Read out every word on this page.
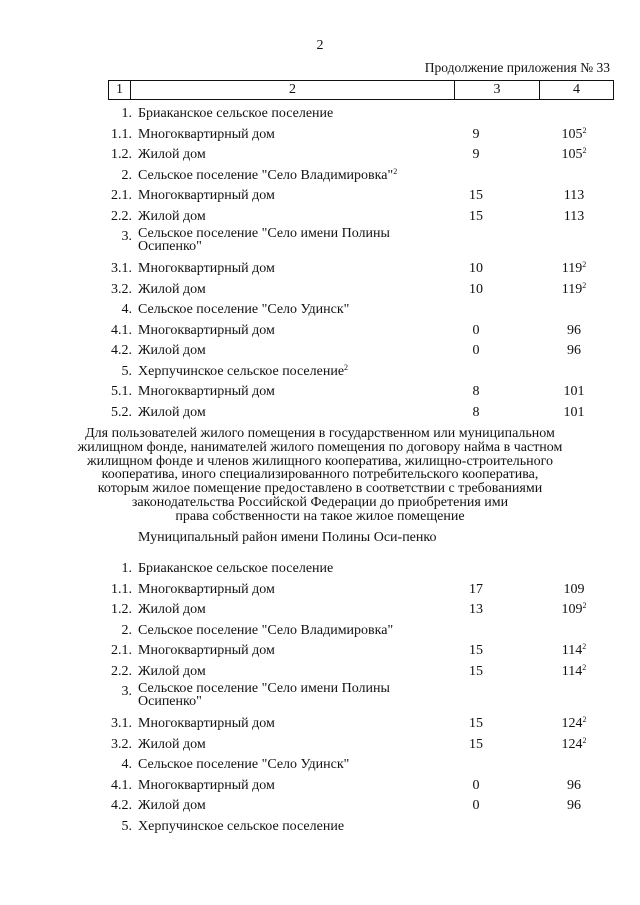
2
Продолжение приложения № 33
1	2	3	4
1. Бриаканское сельское поселение
1.1. Многоквартирный дом	9	$105^2$
1.2. Жилой дом	9	$105^2$
2. Сельское поселение "Село Владимировка"$^2$
2.1. Многоквартирный дом	15	113
2.2. Жилой дом	15	113
3. Сельское поселение "Село имени Полины Осипенко"
3.1. Многоквартирный дом	10	$119^2$
3.2. Жилой дом	10	$119^2$
4. Сельское поселение "Село Удинск"
4.1. Многоквартирный дом	0	96
4.2. Жилой дом	0	96
5. Херпучинское сельское поселение$^2$
5.1. Многоквартирный дом	8	101
5.2. Жилой дом	8	101
Для пользователей жилого помещения в государственном или муниципальном
жилищном фонде, нанимателей жилого помещения по договору найма в частном
жилищном фонде и членов жилищного кооператива, жилищно-строительного
кооператива, иного специализированного потребительского кооператива,
которым жилое помещение предоставлено в соответствии с требованиями
законодательства Российской Федерации до приобретения ими
права собственности на такое жилое помещение
Муниципальный район имени Полины Оси-пенко
1. Бриаканское сельское поселение
1.1. Многоквартирный дом	17	109
1.2. Жилой дом	13	$109^2$
2. Сельское поселение "Село Владимировка"
2.1. Многоквартирный дом	15	$114^2$
2.2. Жилой дом	15	$114^2$
3. Сельское поселение "Село имени Полины Осипенко"
3.1. Многоквартирный дом	15	$124^2$
3.2. Жилой дом	15	$124^2$
4. Сельское поселение "Село Удинск"
4.1. Многоквартирный дом	0	96
4.2. Жилой дом	0	96
5. Херпучинское сельское поселение
